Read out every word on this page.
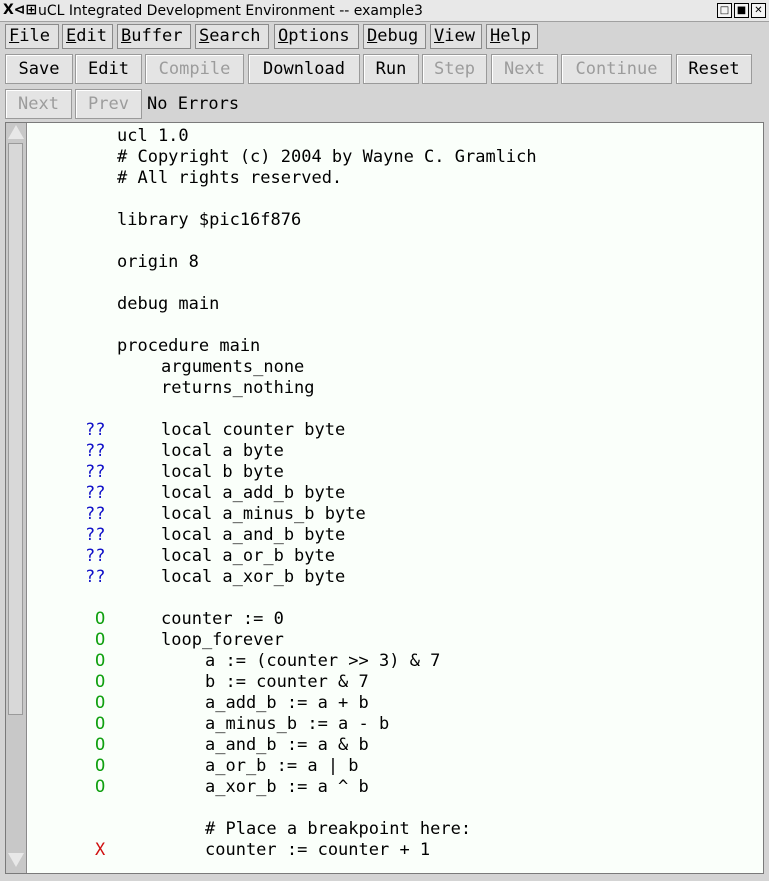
X⊲⊞ uCL Integrated Development Environment -- example3	□ ■ ✕
File Edit Buffer Search	Options	Debug View Help
Save	Edit	Compile	Download	Run	Step	Next	Continue	Reset
Next	Prev	No Errors
ucl 1.0
# Copyright (c) 2004 by Wayne C. Gramlich
# All rights reserved.
library $pic16f876
origin 8
debug main
procedure main
arguments_none
returns_nothing
??	local counter byte
??	local a byte
??	local b byte
??	local a_add_b byte
??	local a_minus_b byte
??	local a_and_b byte
??	local a_or_b byte
??	local a_xor_b byte
O	counter := 0
O	loop_forever
O	a := (counter >> 3) & 7
O	b := counter & 7
O	a_add_b := a + b
O	a_minus_b := a - b
O	a_and_b := a & b
O	a_or_b := a | b
O	a_xor_b := a ^ b
# Place a breakpoint here:
X	counter := counter + 1
